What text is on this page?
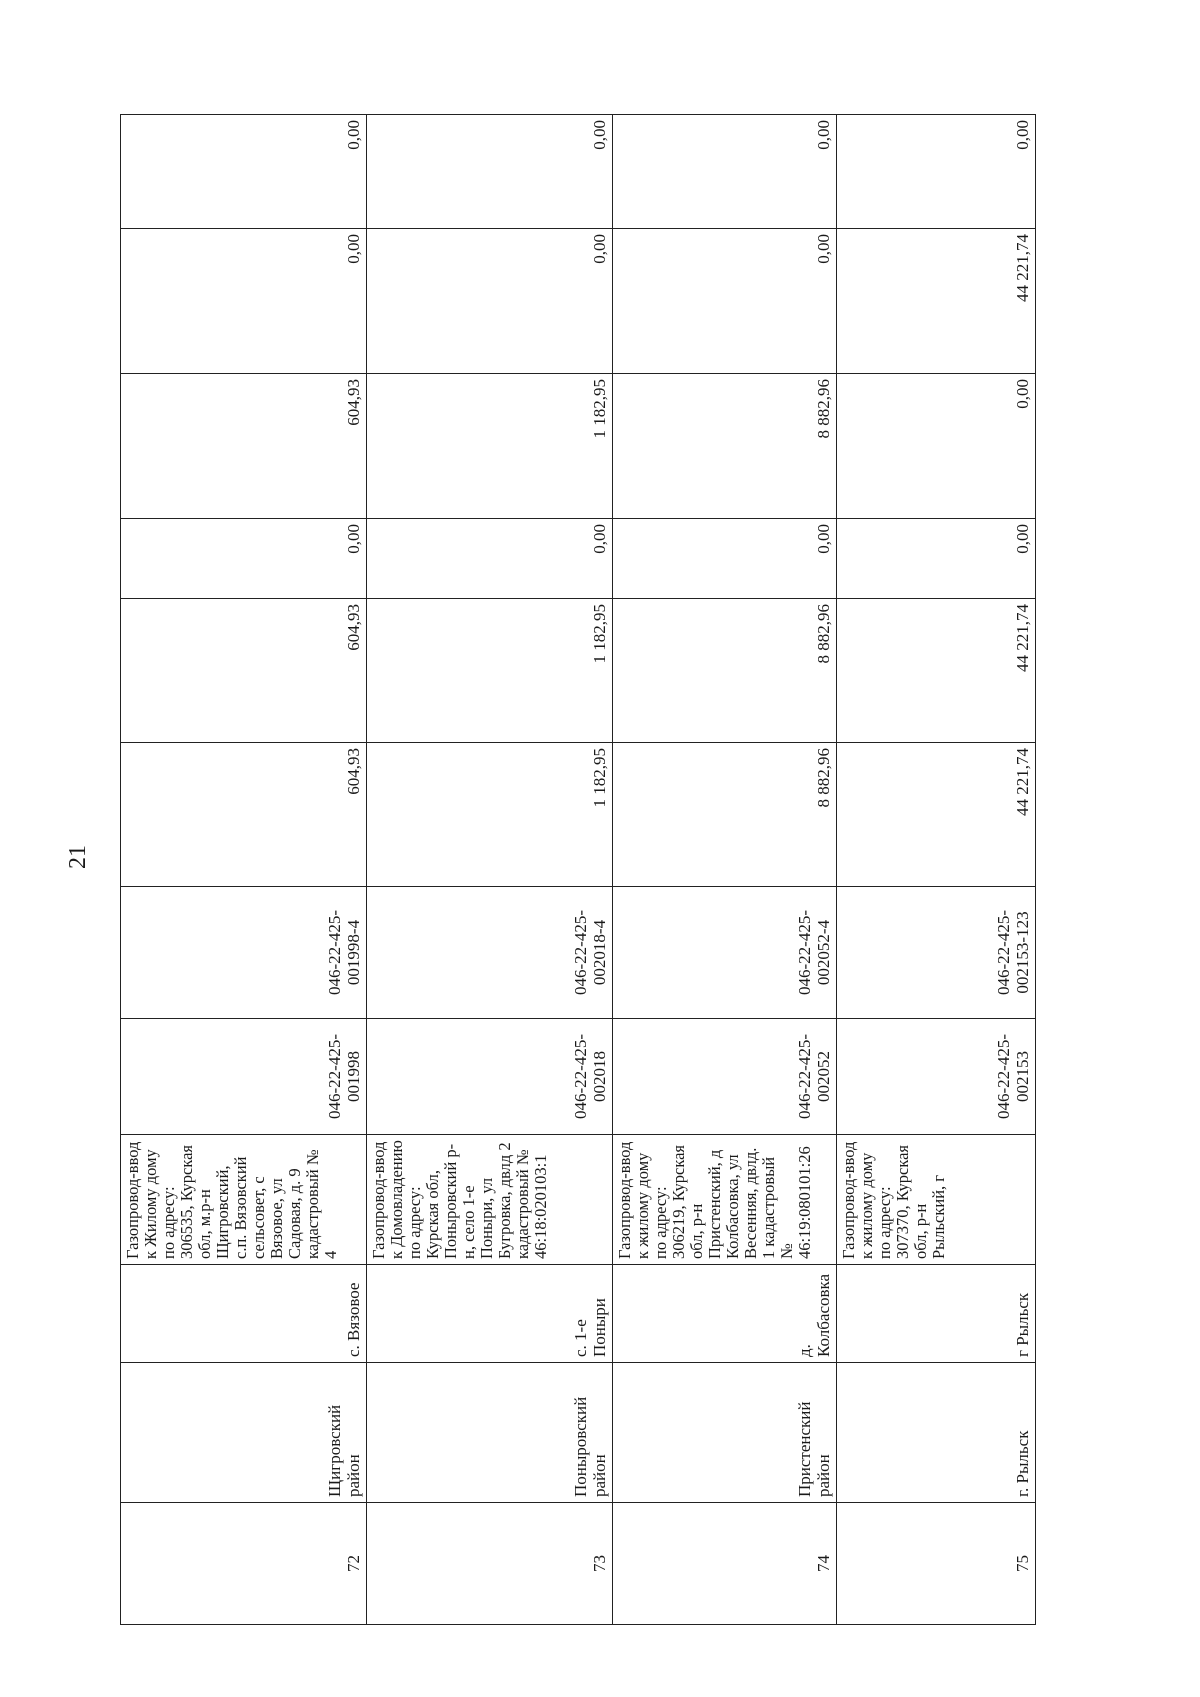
21
72	Щигровский район	с. Вязовое	Газопровод-ввод к Жилому дому по адресу: 306535, Курская обл, м.р-н Щигровский, с.п. Вязовский сельсовет, с Вязовое, ул Садовая, д. 9 кадастровый № 4	046-22-425-001998	046-22-425-001998-4	604,93	604,93	0,00	604,93	0,00	0,00
73	Поныровский район	с. 1-е Поныри	Газопровод-ввод к Домовладению по адресу: Курская обл, Поныровский р-н, село 1-е Поныри, ул Бугровка, двлд 2 кадастровый № 46:18:020103:1	046-22-425-002018	046-22-425-002018-4	1 182,95	1 182,95	0,00	1 182,95	0,00	0,00
74	Пристенский район	д. Колбасовка	Газопровод-ввод к жилому дому по адресу: 306219, Курская обл, р-н Пристенский, д Колбасовка, ул Весенняя, двлд. 1 кадастровый № 46:19:080101:26	046-22-425-002052	046-22-425-002052-4	8 882,96	8 882,96	0,00	8 882,96	0,00	0,00
75	г. Рыльск	г Рыльск	Газопровод-ввод к жилому дому по адресу: 307370, Курская обл, р-н Рыльский, г	046-22-425-002153	046-22-425-002153-123	44 221,74	44 221,74	0,00	0,00	44 221,74	0,00
